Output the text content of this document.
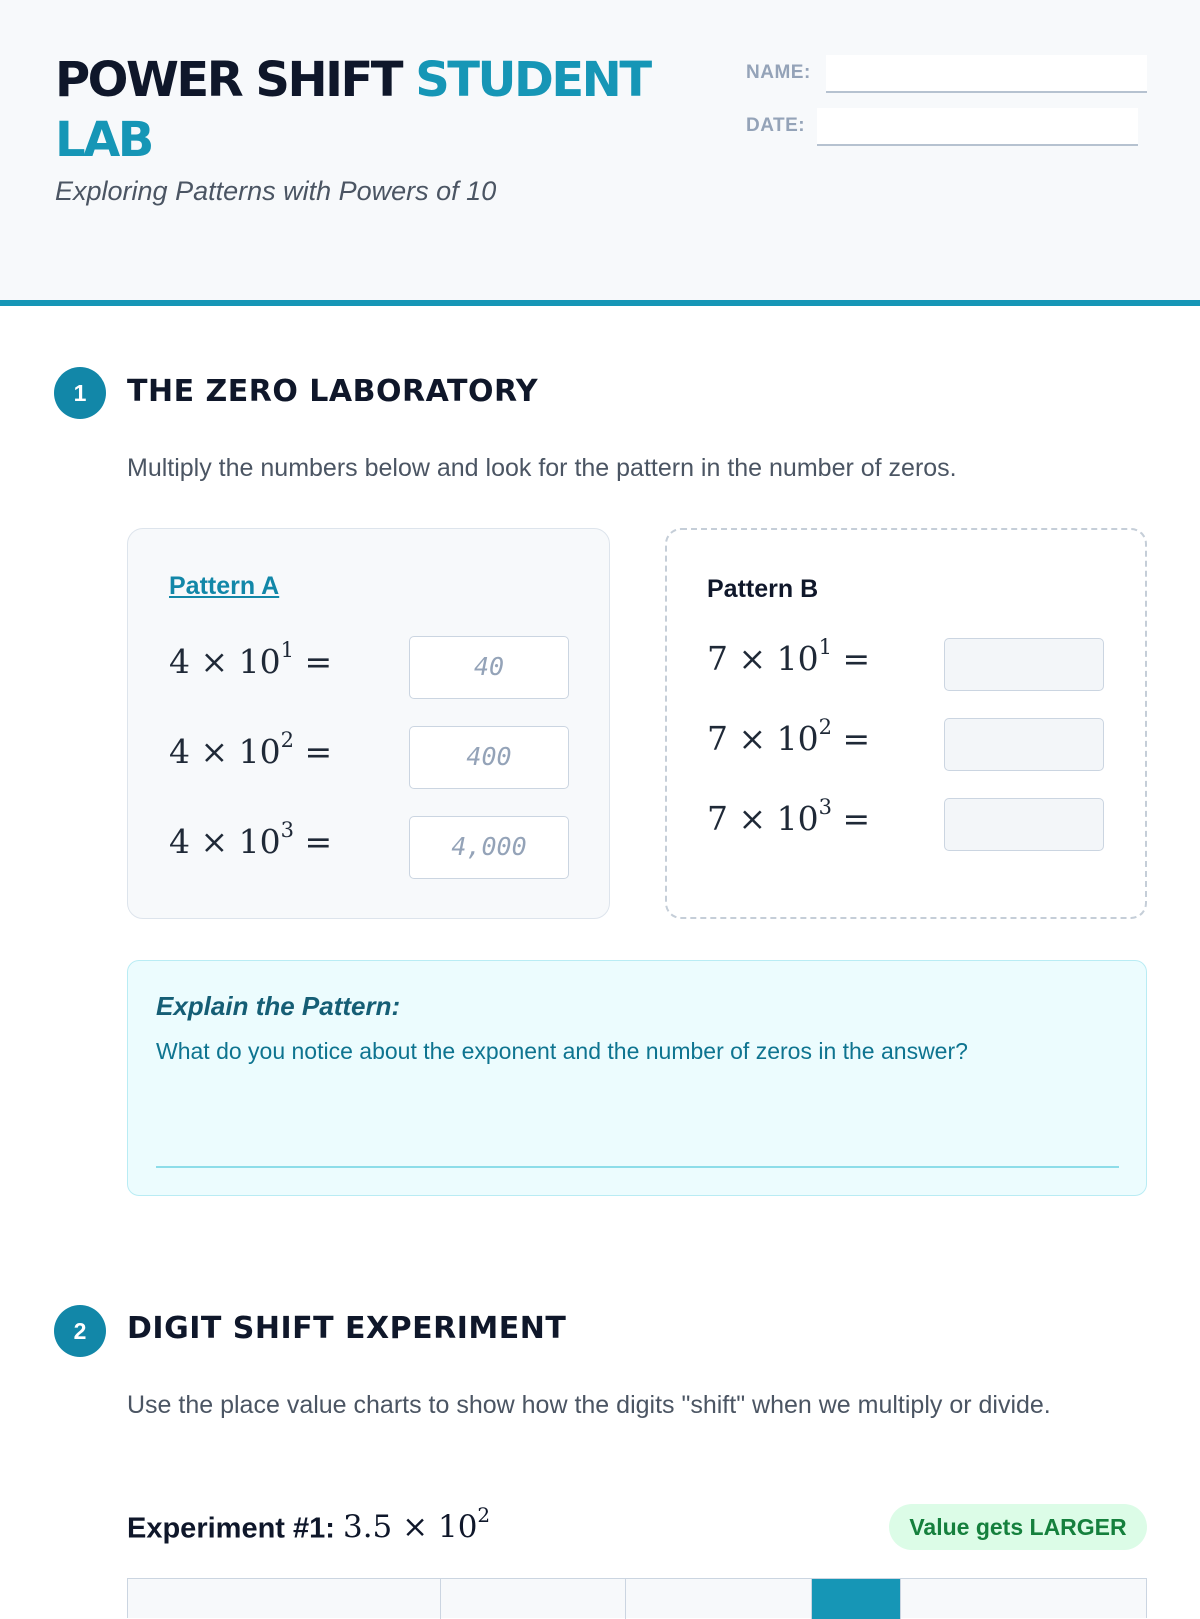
POWER SHIFT STUDENT LAB
Exploring Patterns with Powers of 10
NAME:
DATE:
1	THE ZERO LABORATORY
Multiply the numbers below and look for the pattern in the number of zeros.
Pattern A
$4 \times 10^1$ =	40
$4 \times 10^2$ =	400
$4 \times 10^3$ =	4,000
Pattern B
$7 \times 10^1$ =
$7 \times 10^2$ =
$7 \times 10^3$ =
Explain the Pattern:
What do you notice about the exponent and the number of zeros in the answer?
2	DIGIT SHIFT EXPERIMENT
Use the place value charts to show how the digits "shift" when we multiply or divide.
Experiment #1: $3.5 \times 10^2$	Value gets LARGER
